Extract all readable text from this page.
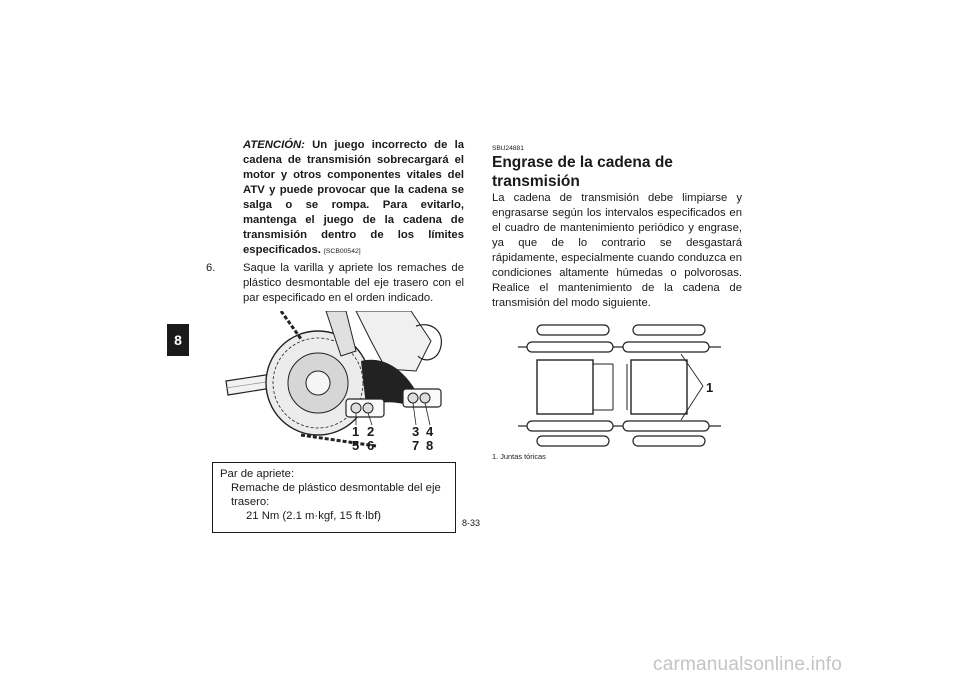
8
ATENCIÓN: Un juego incorrecto de la cadena de transmisión sobrecargará el motor y otros componentes vitales del ATV y puede provocar que la cadena se salga o se rompa. Para evitarlo, mantenga el juego de la cadena de transmisión dentro de los límites especificados. [SCB00542]
6. Saque la varilla y apriete los remaches de plástico desmontable del eje trasero con el par especificado en el orden indicado.
1 2	3 4
5 6	7 8
Par de apriete:
Remache de plástico desmontable del eje trasero:
21 Nm (2.1 m·kgf, 15 ft·lbf)
SBU24881
Engrase de la cadena de transmisión
La cadena de transmisión debe limpiarse y engrasarse según los intervalos especificados en el cuadro de mantenimiento periódico y engrase, ya que de lo contrario se desgastará rápidamente, especialmente cuando conduzca en condiciones altamente húmedas o polvorosas. Realice el mantenimiento de la cadena de transmisión del modo siguiente.
1
1. Juntas tóricas
8-33
carmanualsonline.info
